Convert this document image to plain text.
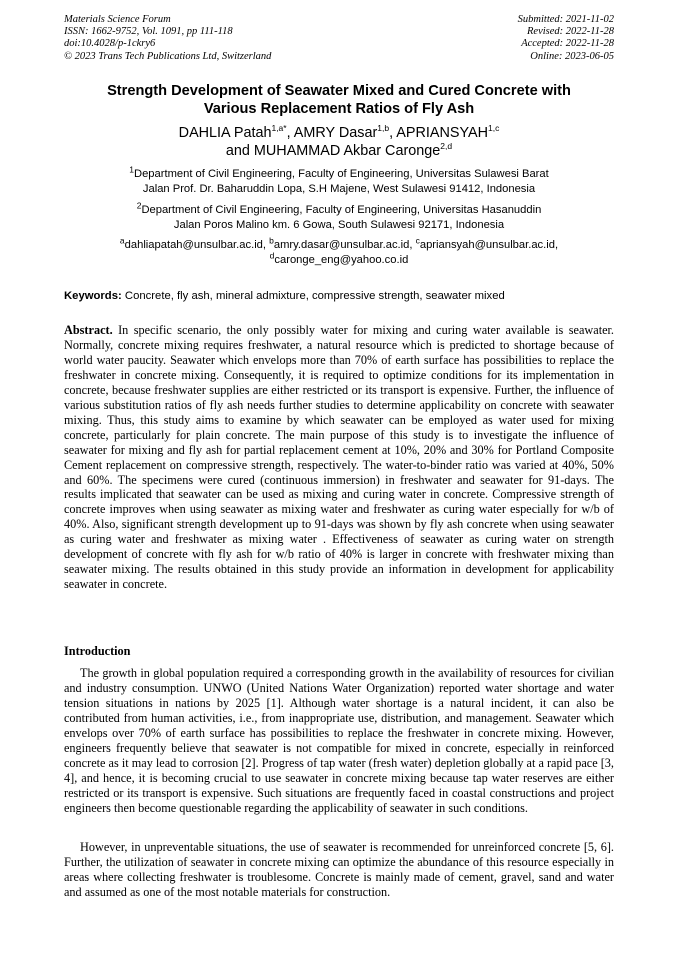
Materials Science Forum
ISSN: 1662-9752, Vol. 1091, pp 111-118
doi:10.4028/p-1ckry6
© 2023 Trans Tech Publications Ltd, Switzerland
Submitted: 2021-11-02
Revised: 2022-11-28
Accepted: 2022-11-28
Online: 2023-06-05
Strength Development of Seawater Mixed and Cured Concrete with
Various Replacement Ratios of Fly Ash
DAHLIA Patah$^{1,a*}$, AMRY Dasar$^{1,b}$, APRIANSYAH$^{1,c}$
and MUHAMMAD Akbar Caronge$^{2,d}$
$^1$Department of Civil Engineering, Faculty of Engineering, Universitas Sulawesi Barat
Jalan Prof. Dr. Baharuddin Lopa, S.H Majene, West Sulawesi 91412, Indonesia
$^2$Department of Civil Engineering, Faculty of Engineering, Universitas Hasanuddin
Jalan Poros Malino km. 6 Gowa, South Sulawesi 92171, Indonesia
$^a$dahliapatah@unsulbar.ac.id, $^b$amry.dasar@unsulbar.ac.id, $^c$apriansyah@unsulbar.ac.id,
$^d$caronge_eng@yahoo.co.id
Keywords: Concrete, fly ash, mineral admixture, compressive strength, seawater mixed
Abstract. In specific scenario, the only possibly water for mixing and curing water available is seawater. Normally, concrete mixing requires freshwater, a natural resource which is predicted to shortage because of world water paucity. Seawater which envelops more than 70% of earth surface has possibilities to replace the freshwater in concrete mixing. Consequently, it is required to optimize conditions for its implementation in concrete, because freshwater supplies are either restricted or its transport is expensive. Further, the influence of various substitution ratios of fly ash needs further studies to determine applicability on concrete with seawater mixing. Thus, this study aims to examine by which seawater can be employed as water used for mixing concrete, particularly for plain concrete. The main purpose of this study is to investigate the influence of seawater for mixing and fly ash for partial replacement cement at 10%, 20% and 30% for Portland Composite Cement replacement on compressive strength, respectively. The water-to-binder ratio was varied at 40%, 50% and 60%. The specimens were cured (continuous immersion) in freshwater and seawater for 91-days. The results implicated that seawater can be used as mixing and curing water in concrete. Compressive strength of concrete improves when using seawater as mixing water and freshwater as curing water especially for w/b of 40%. Also, significant strength development up to 91-days was shown by fly ash concrete when using seawater as curing water and freshwater as mixing water . Effectiveness of seawater as curing water on strength development of concrete with fly ash for w/b ratio of 40% is larger in concrete with freshwater mixing than seawater mixing. The results obtained in this study provide an information in development for applicability seawater in concrete.
Introduction

The growth in global population required a corresponding growth in the availability of resources for civilian and industry consumption. UNWO (United Nations Water Organization) reported water shortage and water tension situations in nations by 2025 [1]. Although water shortage is a natural incident, it can also be contributed from human activities, i.e., from inappropriate use, distribution, and management. Seawater which envelops over 70% of earth surface has possibilities to replace the freshwater in concrete mixing. However, engineers frequently believe that seawater is not compatible for mixed in concrete, especially in reinforced concrete as it may lead to corrosion [2]. Progress of tap water (fresh water) depletion globally at a rapid pace [3, 4], and hence, it is becoming crucial to use seawater in concrete mixing because tap water reserves are either restricted or its transport is expensive. Such situations are frequently faced in coastal constructions and project engineers then become questionable regarding the applicability of seawater in such conditions.

However, in unpreventable situations, the use of seawater is recommended for unreinforced concrete [5, 6]. Further, the utilization of seawater in concrete mixing can optimize the abundance of this resource especially in areas where collecting freshwater is troublesome. Concrete is mainly made of cement, gravel, sand and water and assumed as one of the most notable materials for construction.
